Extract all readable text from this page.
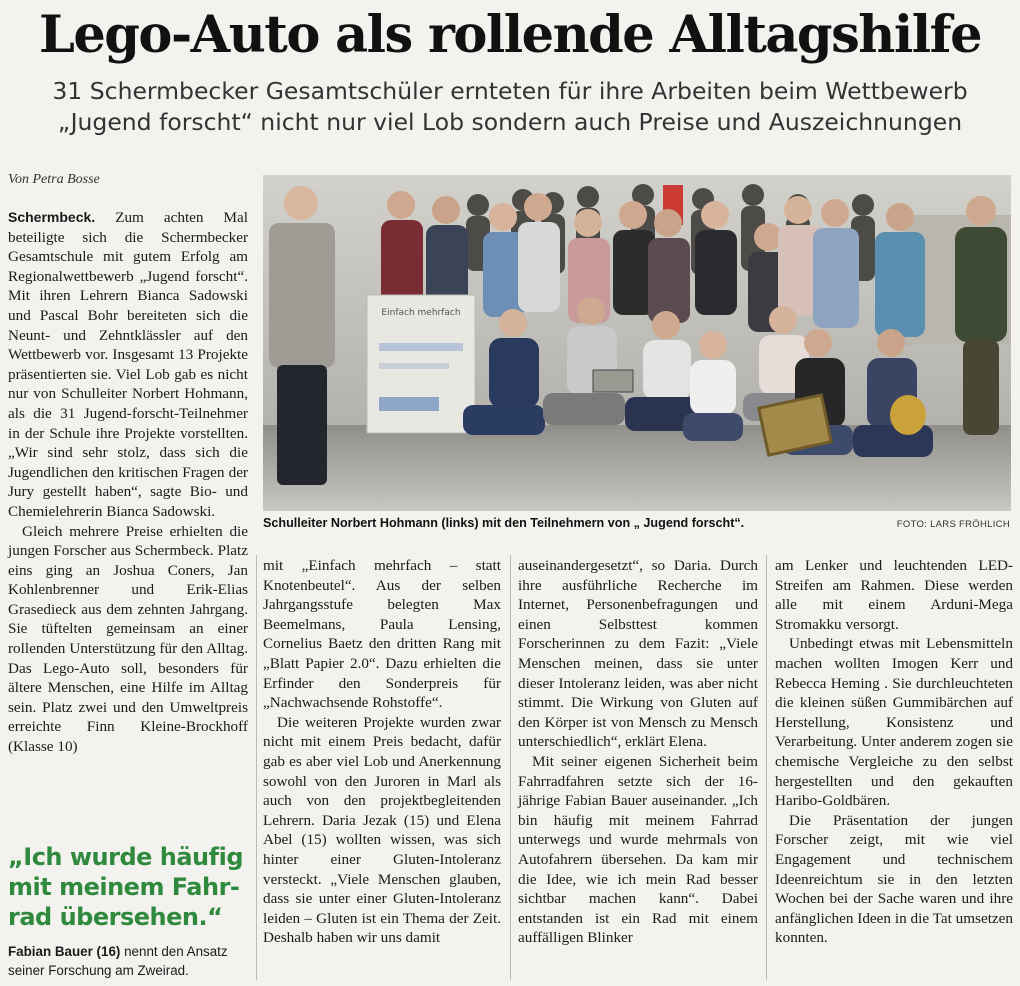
Lego-Auto als rollende Alltagshilfe
31 Schermbecker Gesamtschüler ernteten für ihre Arbeiten beim Wettbewerb
„Jugend forscht“ nicht nur viel Lob sondern auch Preise und Auszeichnungen
Von Petra Bosse

Schermbeck. Zum achten Mal beteiligte sich die Schermbecker Gesamtschule mit gutem Erfolg am Regionalwettbewerb „Jugend forscht“. Mit ihren Lehrern Bianca Sadowski und Pascal Bohr bereiteten sich die Neunt- und Zehntklässler auf den Wettbewerb vor. Insgesamt 13 Projekte präsentierten sie. Viel Lob gab es nicht nur von Schulleiter Norbert Hohmann, als die 31 Jugend-forscht-Teilnehmer in der Schule ihre Projekte vorstellten. „Wir sind sehr stolz, dass sich die Jugendlichen den kritischen Fragen der Jury gestellt haben“, sagte Bio- und Chemielehrerin Bianca Sadowski.

Gleich mehrere Preise erhielten die jungen Forscher aus Schermbeck. Platz eins ging an Joshua Coners, Jan Kohlenbrenner und Erik-Elias Grasedieck aus dem zehnten Jahrgang. Sie tüftelten gemeinsam an einer rollenden Unterstützung für den Alltag. Das Lego-Auto soll, besonders für ältere Menschen, eine Hilfe im Alltag sein. Platz zwei und den Umweltpreis erreichte Finn Kleine-Brockhoff (Klasse 10)

„Ich wurde häufig
mit meinem Fahr-
rad übersehen.“
Fabian Bauer (16) nennt den Ansatz seiner Forschung am Zweirad.
Einfach mehrfach
Schulleiter Norbert Hohmann (links) mit den Teilnehmern von „ Jugend forscht“.	FOTO: LARS FRÖHLICH

mit „Einfach mehrfach – statt Knotenbeutel“. Aus der selben Jahrgangsstufe belegten Max Beemelmans, Paula Lensing, Cornelius Baetz den dritten Rang mit „Blatt Papier 2.0“. Dazu erhielten die Erfinder den Sonderpreis für „Nachwachsende Rohstoffe“.

Die weiteren Projekte wurden zwar nicht mit einem Preis bedacht, dafür gab es aber viel Lob und Anerkennung sowohl von den Juroren in Marl als auch von den projektbegleitenden Lehrern. Daria Jezak (15) und Elena Abel (15) wollten wissen, was sich hinter einer Gluten-Intoleranz versteckt. „Viele Menschen glauben, dass sie unter einer Gluten-Intoleranz leiden – Gluten ist ein Thema der Zeit. Deshalb haben wir uns damit

auseinandergesetzt“, so Daria. Durch ihre ausführliche Recherche im Internet, Personenbefragungen und einen Selbsttest kommen Forscherinnen zu dem Fazit: „Viele Menschen meinen, dass sie unter dieser Intoleranz leiden, was aber nicht stimmt. Die Wirkung von Gluten auf den Körper ist von Mensch zu Mensch unterschiedlich“, erklärt Elena.

Mit seiner eigenen Sicherheit beim Fahrradfahren setzte sich der 16-jährige Fabian Bauer auseinander. „Ich bin häufig mit meinem Fahrrad unterwegs und wurde mehrmals von Autofahrern übersehen. Da kam mir die Idee, wie ich mein Rad besser sichtbar machen kann“. Dabei entstanden ist ein Rad mit einem auffälligen Blinker

am Lenker und leuchtenden LED-Streifen am Rahmen. Diese werden alle mit einem Arduni-Mega Stromakku versorgt.

Unbedingt etwas mit Lebensmitteln machen wollten Imogen Kerr und Rebecca Heming . Sie durchleuchteten die kleinen süßen Gummibärchen auf Herstellung, Konsistenz und Verarbeitung. Unter anderem zogen sie chemische Vergleiche zu den selbst hergestellten und den gekauften Haribo-Goldbären.

Die Präsentation der jungen Forscher zeigt, mit wie viel Engagement und technischem Ideenreichtum sie in den letzten Wochen bei der Sache waren und ihre anfänglichen Ideen in die Tat umsetzen konnten.
